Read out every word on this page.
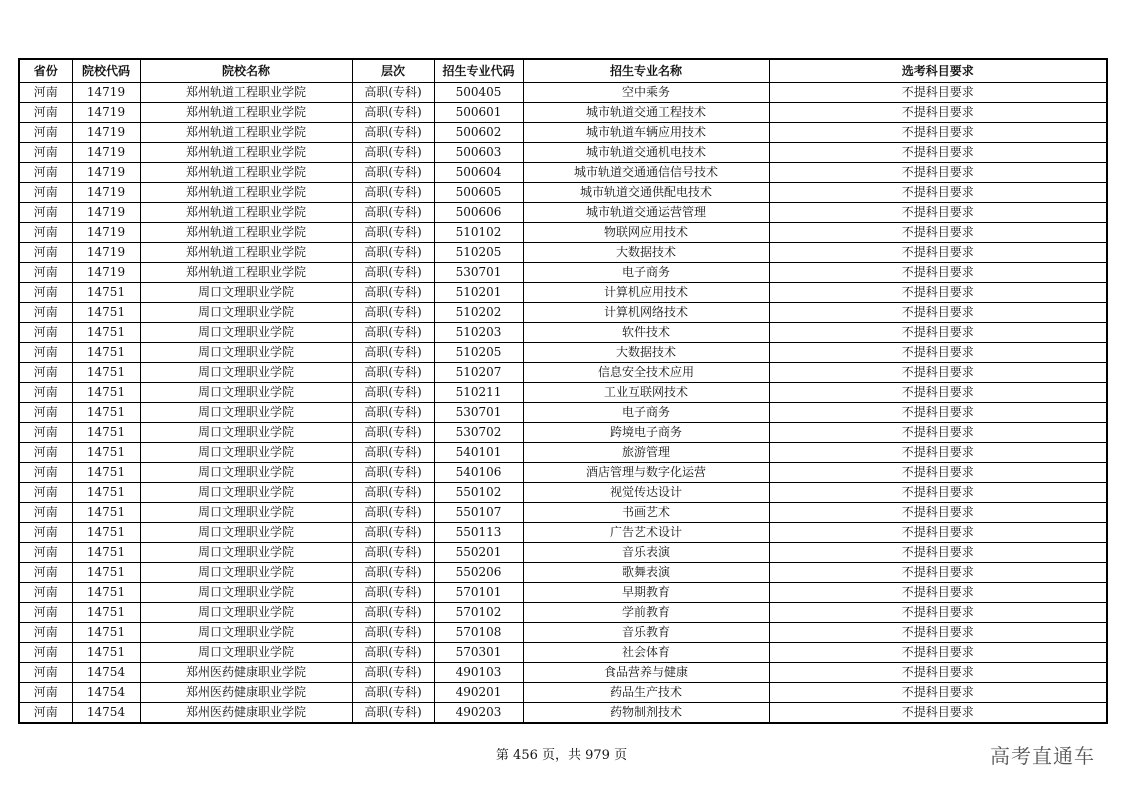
省份	院校代码	院校名称	层次	招生专业代码	招生专业名称	选考科目要求
河南	14719	郑州轨道工程职业学院	高职(专科)	500405	空中乘务	不提科目要求
河南	14719	郑州轨道工程职业学院	高职(专科)	500601	城市轨道交通工程技术	不提科目要求
河南	14719	郑州轨道工程职业学院	高职(专科)	500602	城市轨道车辆应用技术	不提科目要求
河南	14719	郑州轨道工程职业学院	高职(专科)	500603	城市轨道交通机电技术	不提科目要求
河南	14719	郑州轨道工程职业学院	高职(专科)	500604	城市轨道交通通信信号技术	不提科目要求
河南	14719	郑州轨道工程职业学院	高职(专科)	500605	城市轨道交通供配电技术	不提科目要求
河南	14719	郑州轨道工程职业学院	高职(专科)	500606	城市轨道交通运营管理	不提科目要求
河南	14719	郑州轨道工程职业学院	高职(专科)	510102	物联网应用技术	不提科目要求
河南	14719	郑州轨道工程职业学院	高职(专科)	510205	大数据技术	不提科目要求
河南	14719	郑州轨道工程职业学院	高职(专科)	530701	电子商务	不提科目要求
河南	14751	周口文理职业学院	高职(专科)	510201	计算机应用技术	不提科目要求
河南	14751	周口文理职业学院	高职(专科)	510202	计算机网络技术	不提科目要求
河南	14751	周口文理职业学院	高职(专科)	510203	软件技术	不提科目要求
河南	14751	周口文理职业学院	高职(专科)	510205	大数据技术	不提科目要求
河南	14751	周口文理职业学院	高职(专科)	510207	信息安全技术应用	不提科目要求
河南	14751	周口文理职业学院	高职(专科)	510211	工业互联网技术	不提科目要求
河南	14751	周口文理职业学院	高职(专科)	530701	电子商务	不提科目要求
河南	14751	周口文理职业学院	高职(专科)	530702	跨境电子商务	不提科目要求
河南	14751	周口文理职业学院	高职(专科)	540101	旅游管理	不提科目要求
河南	14751	周口文理职业学院	高职(专科)	540106	酒店管理与数字化运营	不提科目要求
河南	14751	周口文理职业学院	高职(专科)	550102	视觉传达设计	不提科目要求
河南	14751	周口文理职业学院	高职(专科)	550107	书画艺术	不提科目要求
河南	14751	周口文理职业学院	高职(专科)	550113	广告艺术设计	不提科目要求
河南	14751	周口文理职业学院	高职(专科)	550201	音乐表演	不提科目要求
河南	14751	周口文理职业学院	高职(专科)	550206	歌舞表演	不提科目要求
河南	14751	周口文理职业学院	高职(专科)	570101	早期教育	不提科目要求
河南	14751	周口文理职业学院	高职(专科)	570102	学前教育	不提科目要求
河南	14751	周口文理职业学院	高职(专科)	570108	音乐教育	不提科目要求
河南	14751	周口文理职业学院	高职(专科)	570301	社会体育	不提科目要求
河南	14754	郑州医药健康职业学院	高职(专科)	490103	食品营养与健康	不提科目要求
河南	14754	郑州医药健康职业学院	高职(专科)	490201	药品生产技术	不提科目要求
河南	14754	郑州医药健康职业学院	高职(专科)	490203	药物制剂技术	不提科目要求
第 456 页，共 979 页	高考直通车
